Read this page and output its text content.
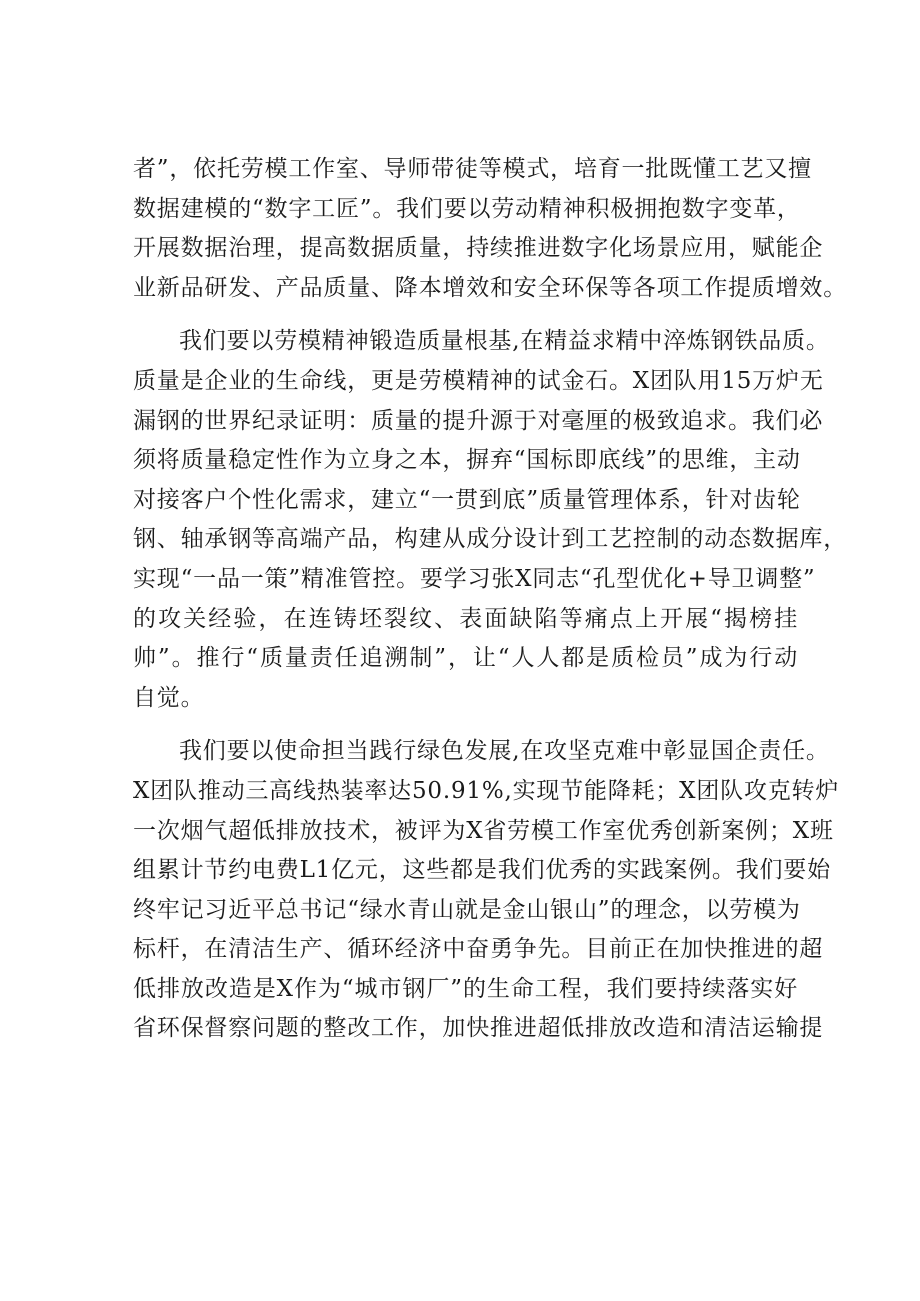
者”，依托劳模工作室、导师带徒等模式，培育一批既懂工艺又擅
数据建模的“数字工匠”。我们要以劳动精神积极拥抱数字变革，
开展数据治理，提高数据质量，持续推进数字化场景应用，赋能企
业新品研发、产品质量、降本增效和安全环保等各项工作提质增效。
我们要以劳模精神锻造质量根基,在精益求精中淬炼钢铁品质。
质量是企业的生命线，更是劳模精神的试金石。X团队用15万炉无
漏钢的世界纪录证明：质量的提升源于对毫厘的极致追求。我们必
须将质量稳定性作为立身之本，摒弃“国标即底线”的思维，主动
对接客户个性化需求，建立“一贯到底”质量管理体系，针对齿轮
钢、轴承钢等高端产品，构建从成分设计到工艺控制的动态数据库，
实现“一品一策”精准管控。要学习张X同志“孔型优化+导卫调整”
的攻关经验，在连铸坯裂纹、表面缺陷等痛点上开展“揭榜挂
帅”。推行“质量责任追溯制”，让“人人都是质检员”成为行动
自觉。
我们要以使命担当践行绿色发展,在攻坚克难中彰显国企责任。
X团队推动三高线热装率达50.91%,实现节能降耗；X团队攻克转炉
一次烟气超低排放技术，被评为X省劳模工作室优秀创新案例；X班
组累计节约电费L1亿元，这些都是我们优秀的实践案例。我们要始
终牢记习近平总书记“绿水青山就是金山银山”的理念，以劳模为
标杆，在清洁生产、循环经济中奋勇争先。目前正在加快推进的超
低排放改造是X作为“城市钢厂”的生命工程，我们要持续落实好
省环保督察问题的整改工作，加快推进超低排放改造和清洁运输提
